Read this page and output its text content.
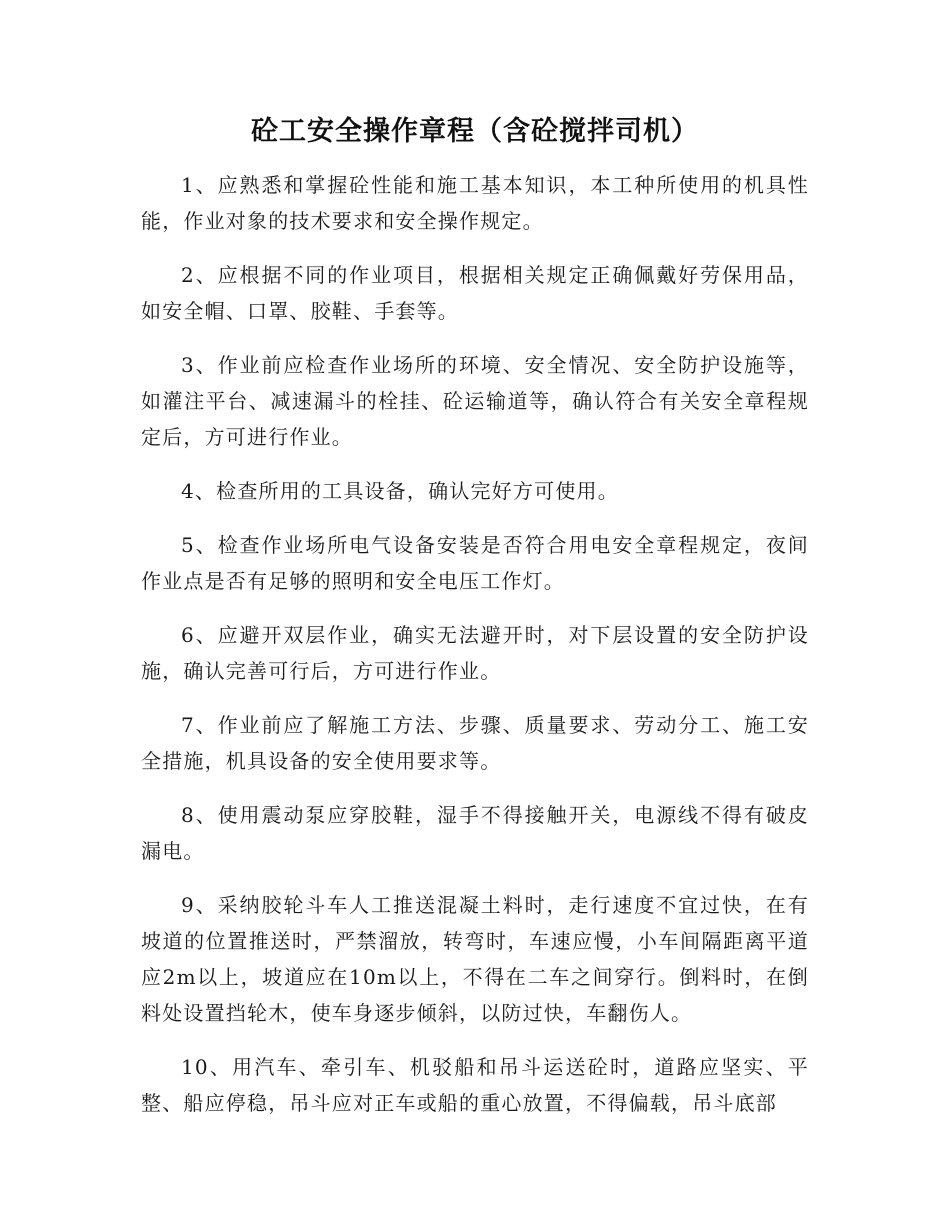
砼工安全操作章程（含砼搅拌司机）

1、应熟悉和掌握砼性能和施工基本知识，本工种所使用的机具性能，作业对象的技术要求和安全操作规定。

2、应根据不同的作业项目，根据相关规定正确佩戴好劳保用品，如安全帽、口罩、胶鞋、手套等。

3、作业前应检查作业场所的环境、安全情况、安全防护设施等，如灌注平台、减速漏斗的栓挂、砼运输道等，确认符合有关安全章程规定后，方可进行作业。

4、检查所用的工具设备，确认完好方可使用。

5、检查作业场所电气设备安装是否符合用电安全章程规定，夜间作业点是否有足够的照明和安全电压工作灯。

6、应避开双层作业，确实无法避开时，对下层设置的安全防护设施，确认完善可行后，方可进行作业。

7、作业前应了解施工方法、步骤、质量要求、劳动分工、施工安全措施，机具设备的安全使用要求等。

8、使用震动泵应穿胶鞋，湿手不得接触开关，电源线不得有破皮漏电。

9、采纳胶轮斗车人工推送混凝土料时，走行速度不宜过快，在有坡道的位置推送时，严禁溜放，转弯时，车速应慢，小车间隔距离平道应2m以上，坡道应在10m以上，不得在二车之间穿行。倒料时，在倒料处设置挡轮木，使车身逐步倾斜，以防过快，车翻伤人。

10、用汽车、牵引车、机驳船和吊斗运送砼时，道路应坚实、平整、船应停稳，吊斗应对正车或船的重心放置，不得偏载，吊斗底部
